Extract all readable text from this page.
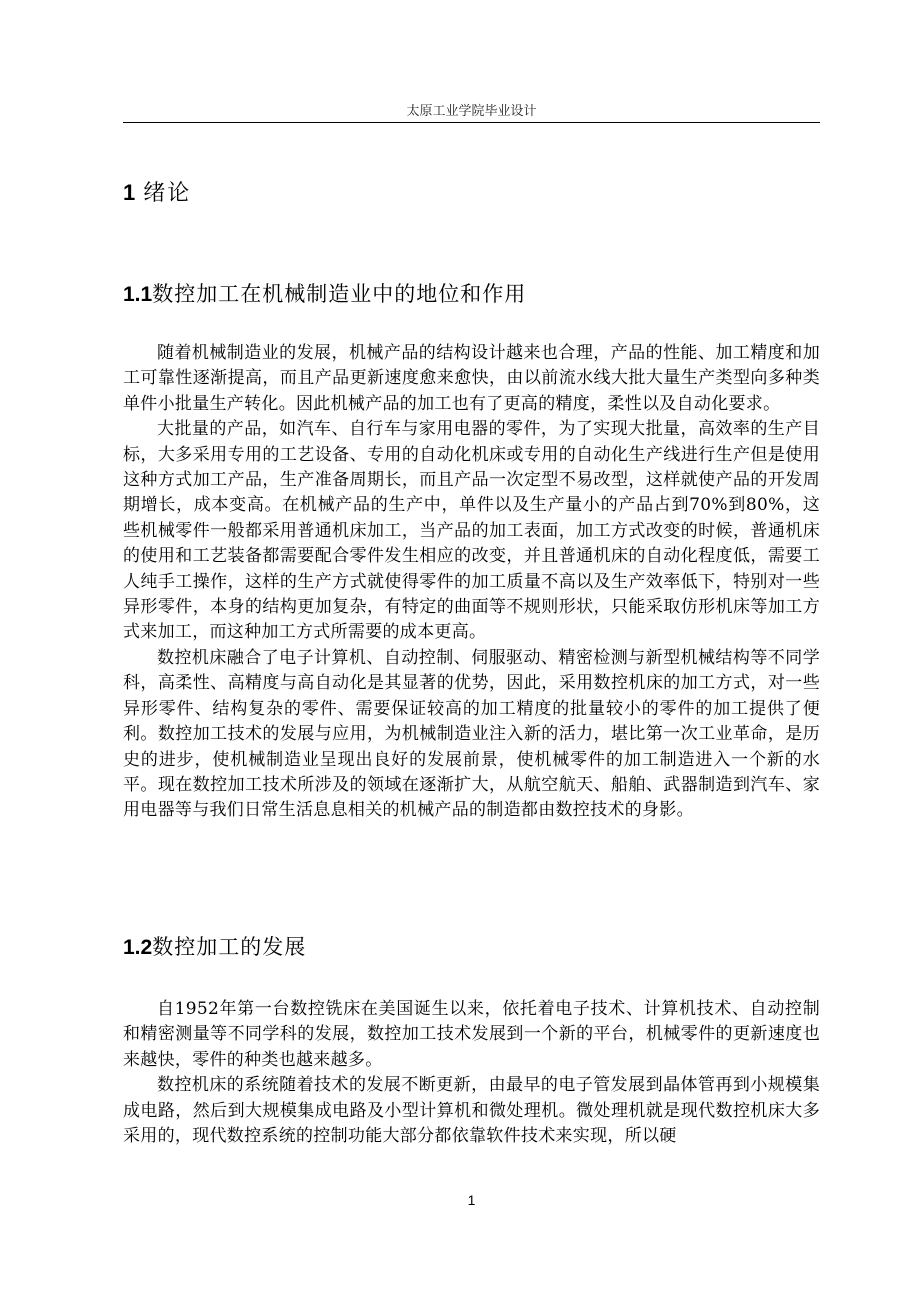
太原工业学院毕业设计
1 绪论
1.1数控加工在机械制造业中的地位和作用

随着机械制造业的发展，机械产品的结构设计越来也合理，产品的性能、加工精度和加工可靠性逐渐提高，而且产品更新速度愈来愈快，由以前流水线大批大量生产类型向多种类单件小批量生产转化。因此机械产品的加工也有了更高的精度，柔性以及自动化要求。

大批量的产品，如汽车、自行车与家用电器的零件，为了实现大批量，高效率的生产目标，大多采用专用的工艺设备、专用的自动化机床或专用的自动化生产线进行生产但是使用这种方式加工产品，生产准备周期长，而且产品一次定型不易改型，这样就使产品的开发周期增长，成本变高。在机械产品的生产中，单件以及生产量小的产品占到70%到80%，这些机械零件一般都采用普通机床加工，当产品的加工表面，加工方式改变的时候，普通机床的使用和工艺装备都需要配合零件发生相应的改变，并且普通机床的自动化程度低，需要工人纯手工操作，这样的生产方式就使得零件的加工质量不高以及生产效率低下，特别对一些异形零件，本身的结构更加复杂，有特定的曲面等不规则形状，只能采取仿形机床等加工方式来加工，而这种加工方式所需要的成本更高。

数控机床融合了电子计算机、自动控制、伺服驱动、精密检测与新型机械结构等不同学科，高柔性、高精度与高自动化是其显著的优势，因此，采用数控机床的加工方式，对一些异形零件、结构复杂的零件、需要保证较高的加工精度的批量较小的零件的加工提供了便利。数控加工技术的发展与应用，为机械制造业注入新的活力，堪比第一次工业革命，是历史的进步，使机械制造业呈现出良好的发展前景，使机械零件的加工制造进入一个新的水平。现在数控加工技术所涉及的领域在逐渐扩大，从航空航天、船舶、武器制造到汽车、家用电器等与我们日常生活息息相关的机械产品的制造都由数控技术的身影。

1.2数控加工的发展

自1952年第一台数控铣床在美国诞生以来，依托着电子技术、计算机技术、自动控制和精密测量等不同学科的发展，数控加工技术发展到一个新的平台，机械零件的更新速度也来越快，零件的种类也越来越多。

数控机床的系统随着技术的发展不断更新，由最早的电子管发展到晶体管再到小规模集成电路，然后到大规模集成电路及小型计算机和微处理机。微处理机就是现代数控机床大多采用的，现代数控系统的控制功能大部分都依靠软件技术来实现，所以硬

1
